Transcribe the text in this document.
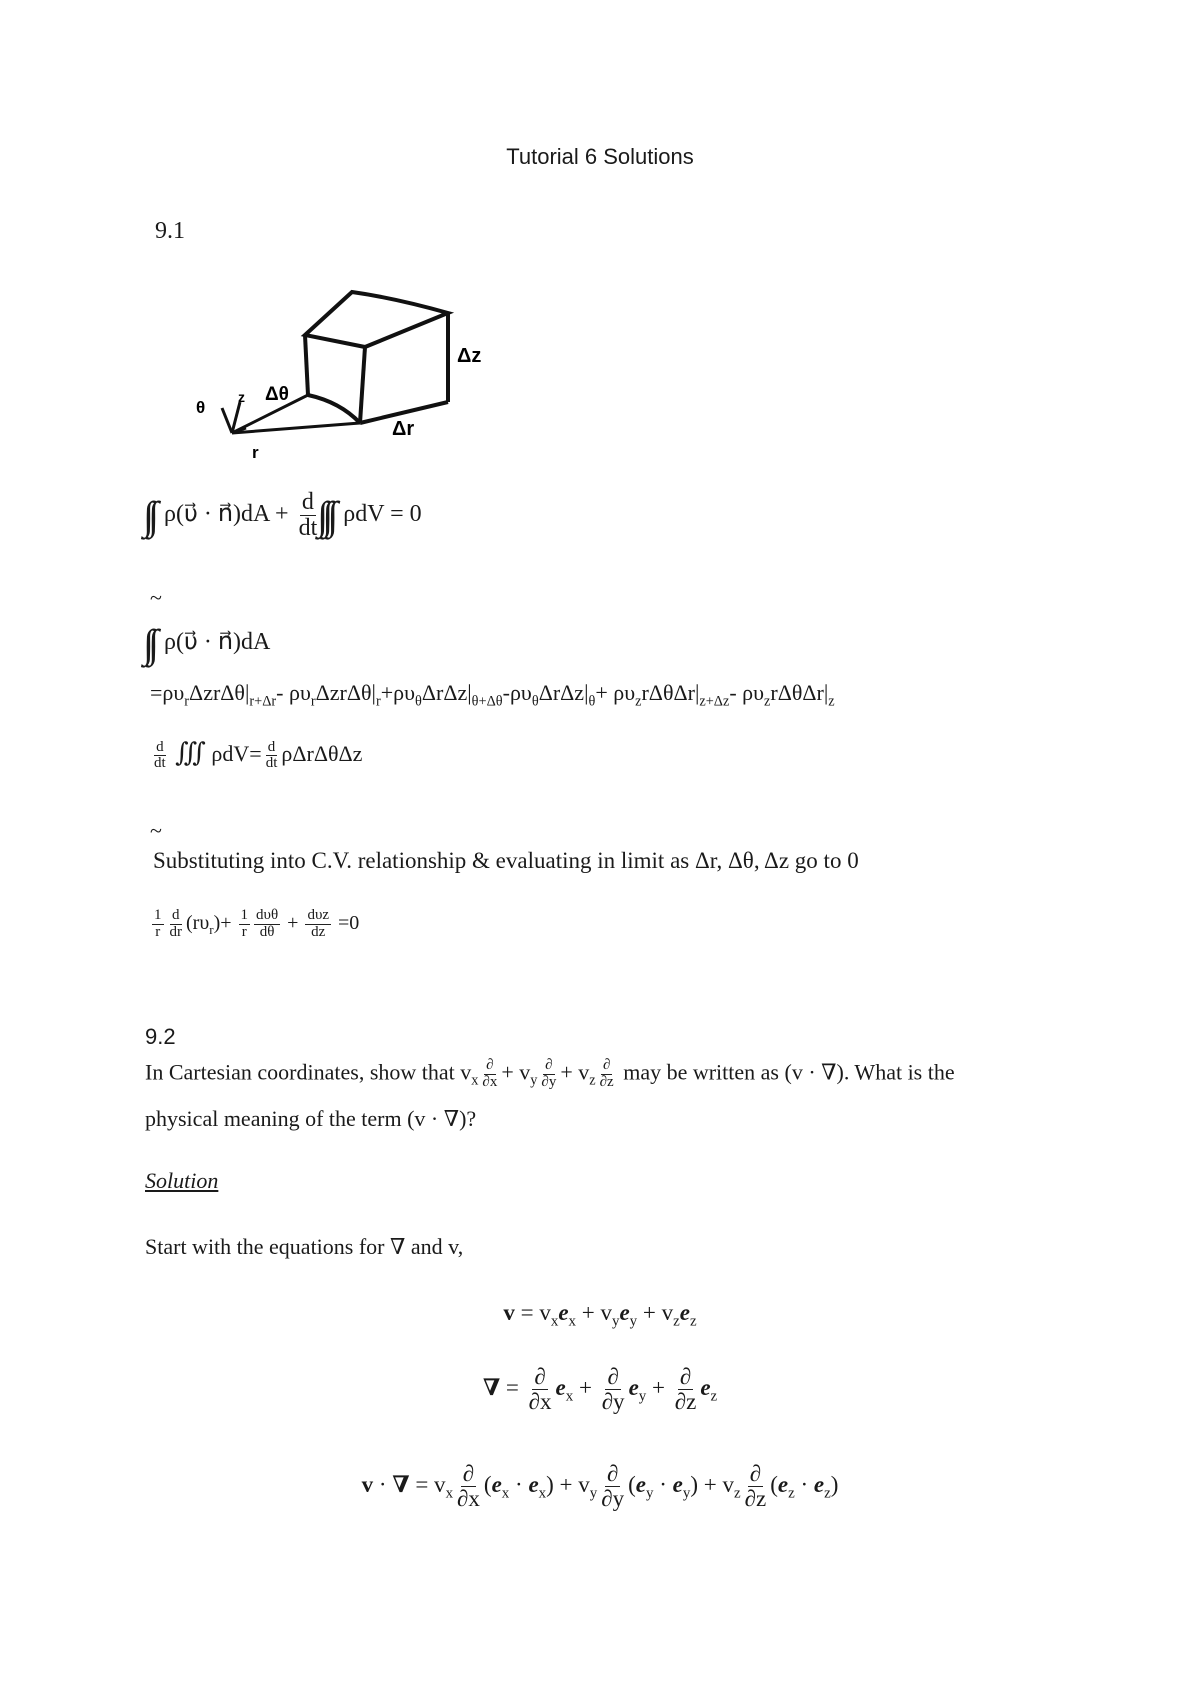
Tutorial 6 Solutions
9.1
Δz
Δr
Δθ
θ
z
r
ρ(υ⃗ · n⃗)dA + $\frac{d}{dt}$ ρdV = 0
~
ρ(υ⃗ · n⃗)dA
$=\rho\upsilon_r\Delta zr\Delta\theta|_{r+\Delta r}-$ $\rho\upsilon_r\Delta zr\Delta\theta|_r+\rho\upsilon_\theta\Delta r\Delta z|_{\theta+\Delta\theta}-\rho\upsilon_\theta\Delta r\Delta z|_\theta+ \rho\upsilon_zr\Delta\theta\Delta r|_{z+\Delta z}-$ $\rho\upsilon_zr\Delta\theta\Delta r|_z$
$\frac{d}{dt}$ ∭ $\rho dV= \frac{d}{dt}$ ρΔrΔθΔz
~
Substituting into C.V. relationship & evaluating in limit as Δr, Δθ, Δz go to 0
$\frac{1}{r} \frac{d}{dr} (r\upsilon_r)+ \frac{1}{r} \frac{\text{dυθ}}{d\theta} + \frac{\text{dυz}}{dz} =0$
9.2
In Cartesian coordinates, show that $v_x \frac{\partial}{\partial x} + v_y \frac{\partial}{\partial y} + v_z \frac{\partial}{\partial z}$ may be written as (v · ∇). What is the
physical meaning of the term (v · ∇)?
Solution
Start with the equations for ∇ and v,
$v = v_xe_x + v_ye_y + v_ze_z$
∇ = $\frac{\partial}{\partial x} e_x + \frac{\partial}{\partial y} e_y + \frac{\partial}{\partial z} e_z$
v · ∇ = $v_x \frac{\partial}{\partial x} (e_x \cdot e_x) + v_y \frac{\partial}{\partial y} (e_y \cdot e_y) + v_z \frac{\partial}{\partial z} (e_z \cdot e_z)$
